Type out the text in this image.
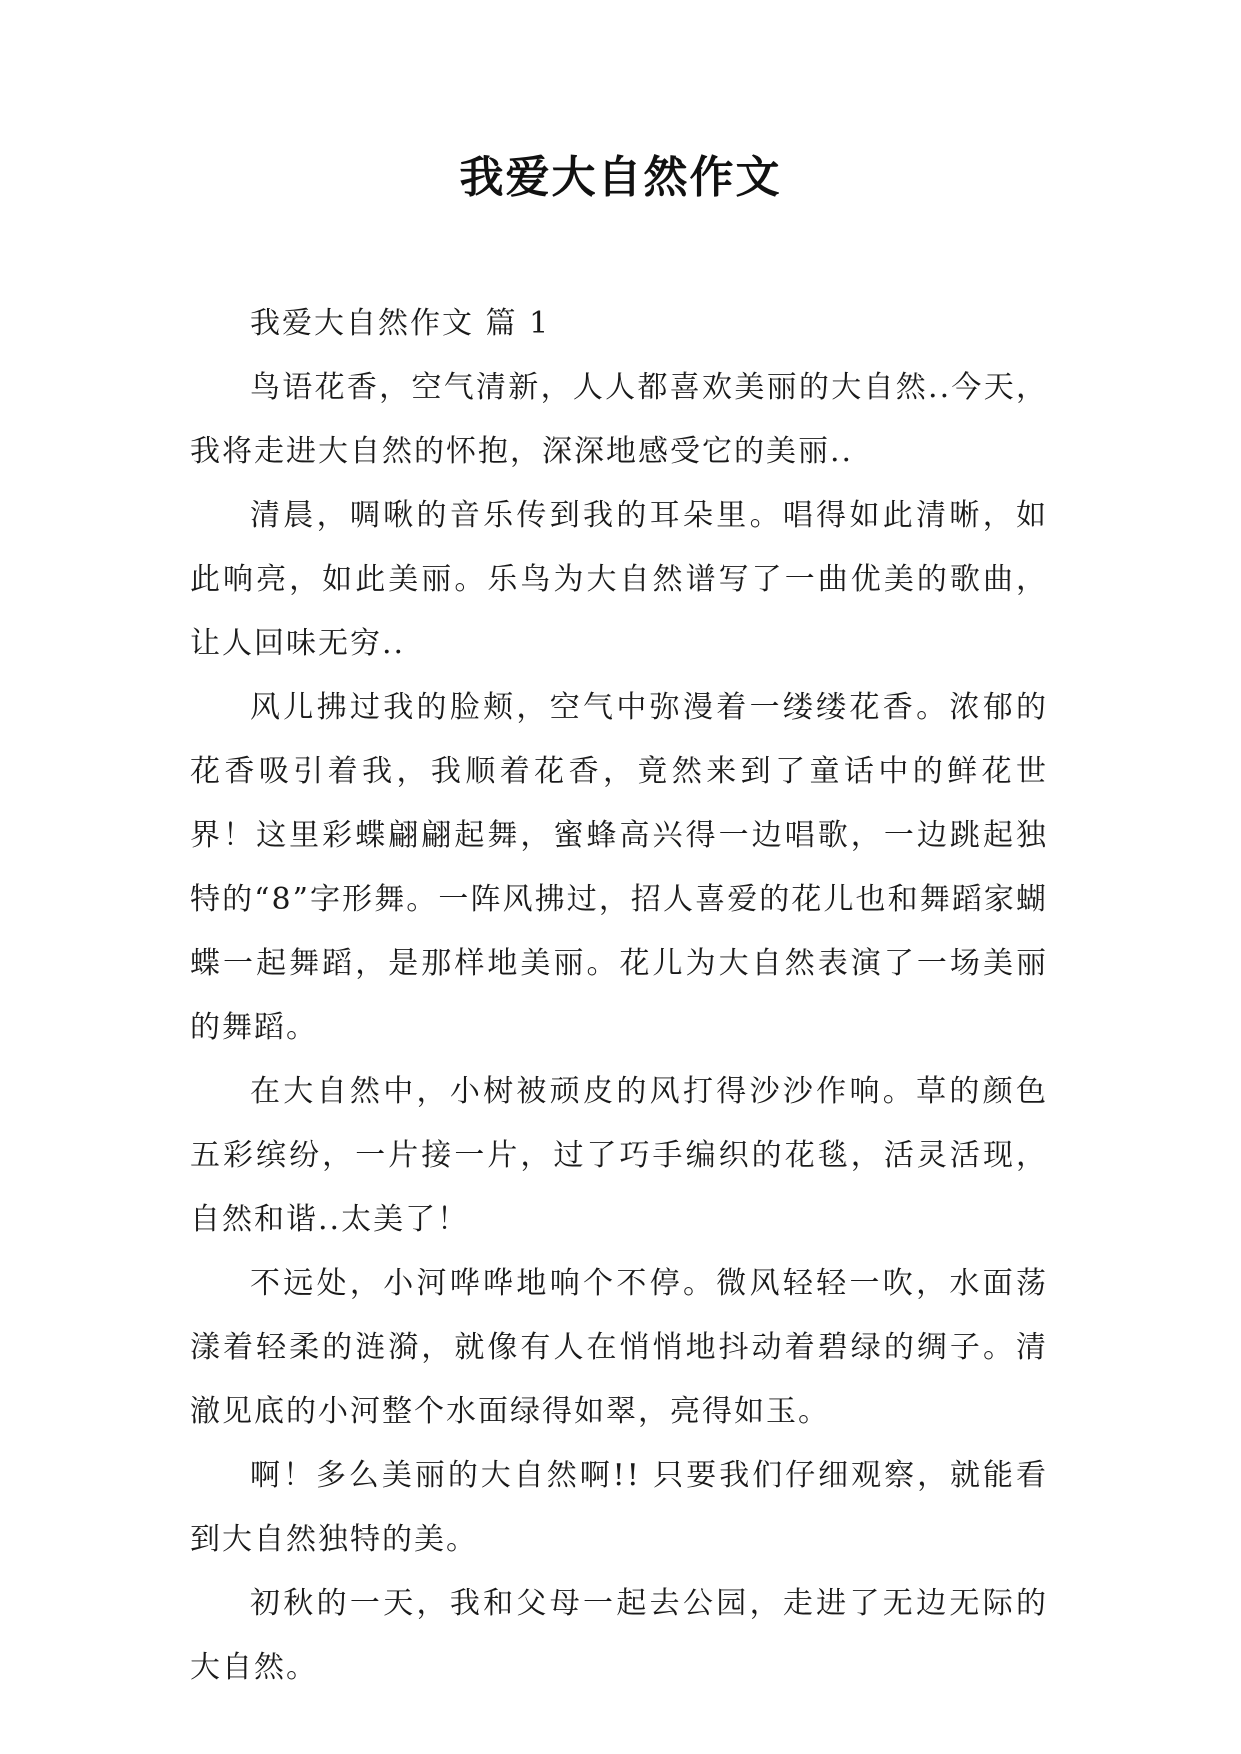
我爱大自然作文

我爱大自然作文 篇 1

鸟语花香，空气清新，人人都喜欢美丽的大自然..今天，我将走进大自然的怀抱，深深地感受它的美丽..

清晨，啁啾的音乐传到我的耳朵里。唱得如此清晰，如此响亮，如此美丽。乐鸟为大自然谱写了一曲优美的歌曲，让人回味无穷..

风儿拂过我的脸颊，空气中弥漫着一缕缕花香。浓郁的花香吸引着我，我顺着花香，竟然来到了童话中的鲜花世界！这里彩蝶翩翩起舞，蜜蜂高兴得一边唱歌，一边跳起独特的“8”字形舞。一阵风拂过，招人喜爱的花儿也和舞蹈家蝴蝶一起舞蹈，是那样地美丽。花儿为大自然表演了一场美丽的舞蹈。

在大自然中，小树被顽皮的风打得沙沙作响。草的颜色五彩缤纷，一片接一片，过了巧手编织的花毯，活灵活现，自然和谐..太美了！

不远处，小河哗哗地响个不停。微风轻轻一吹，水面荡漾着轻柔的涟漪，就像有人在悄悄地抖动着碧绿的绸子。清澈见底的小河整个水面绿得如翠，亮得如玉。

啊！多么美丽的大自然啊!! 只要我们仔细观察，就能看到大自然独特的美。

初秋的一天，我和父母一起去公园，走进了无边无际的大自然。
